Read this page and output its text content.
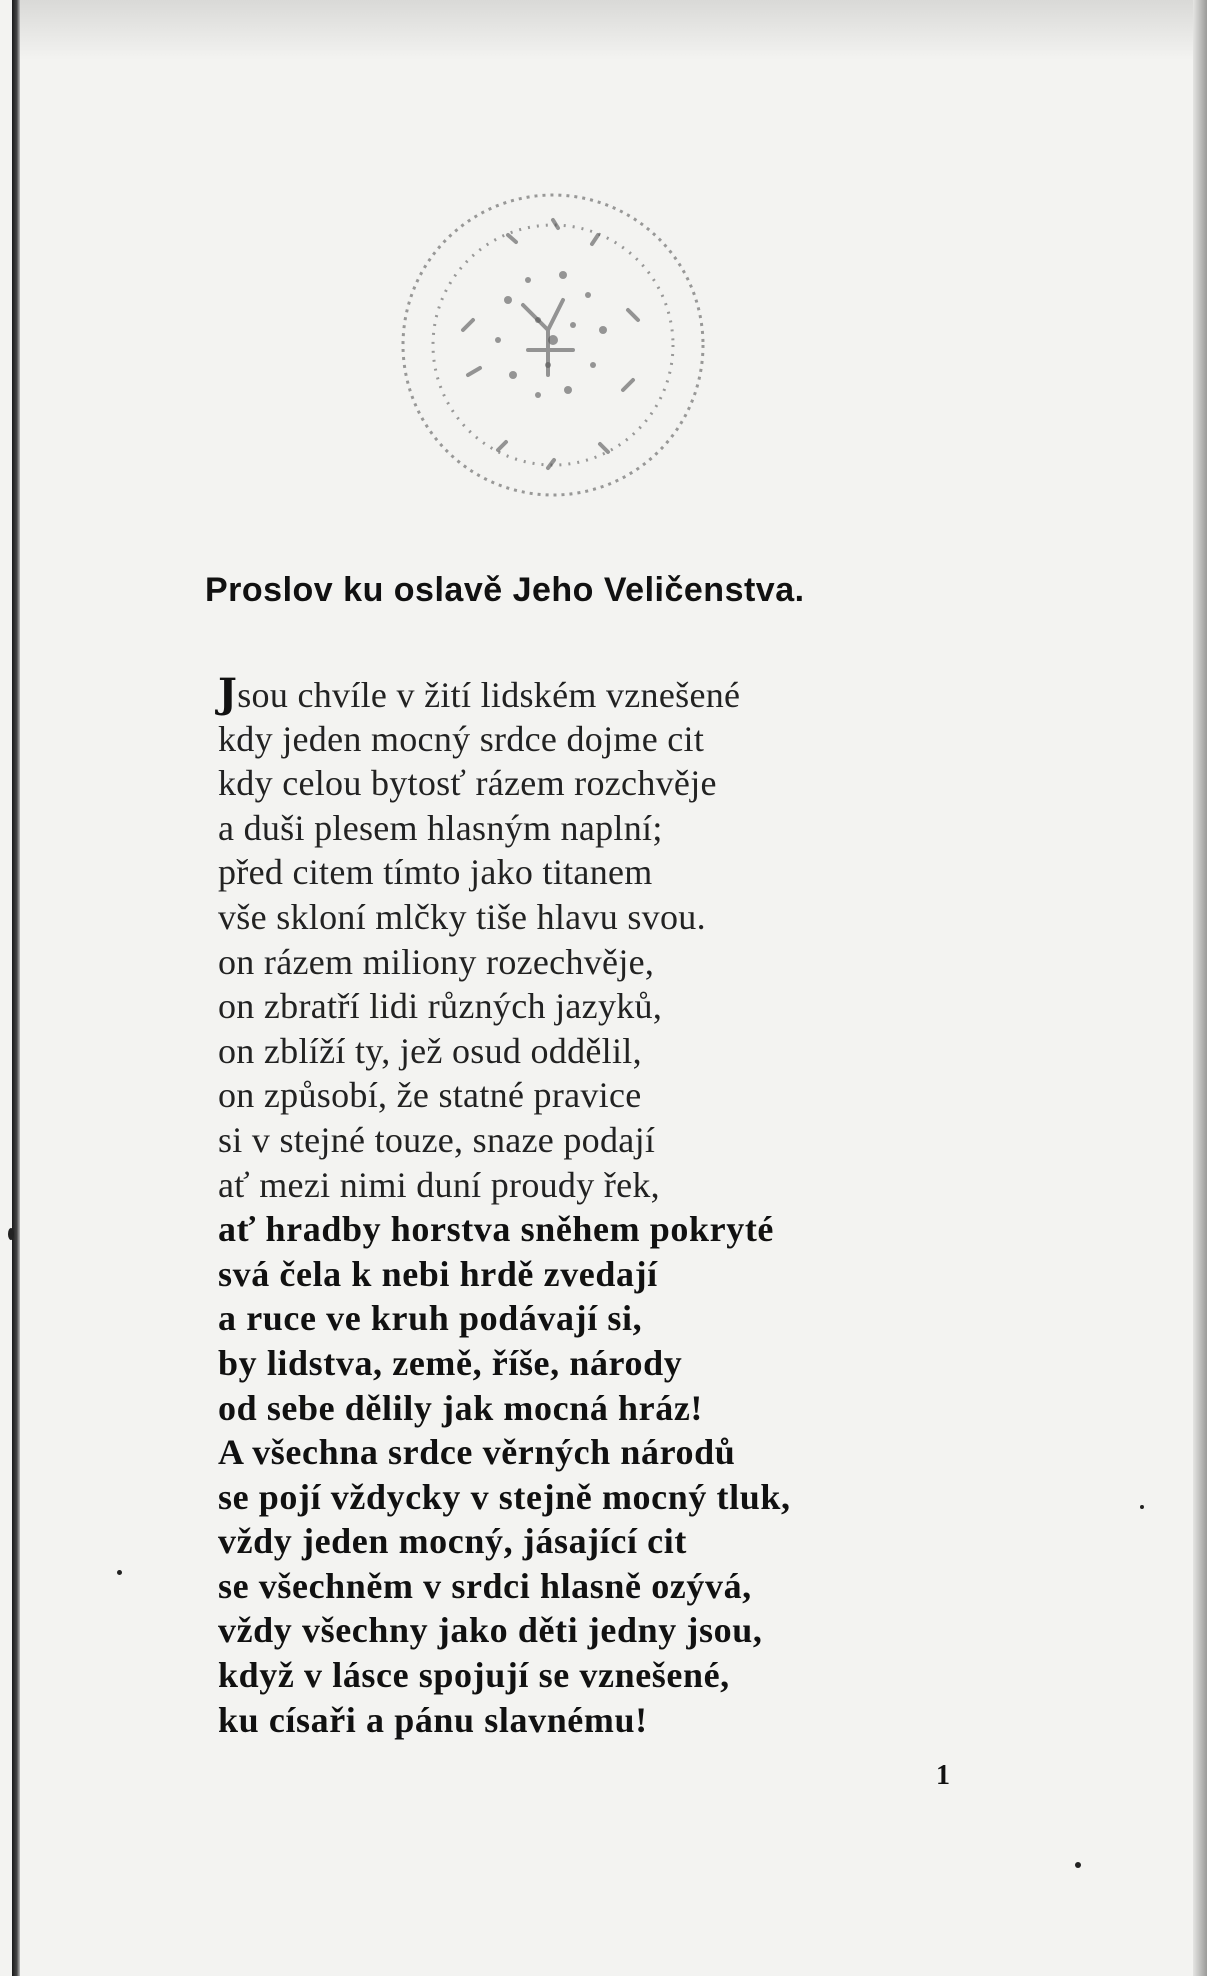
Proslov ku oslavě Jeho Veličenstva.
Jsou chvíle v žití lidském vznešené
kdy jeden mocný srdce dojme cit
kdy celou bytosť rázem rozchvěje
a duši plesem hlasným naplní;
před citem tímto jako titanem
vše skloní mlčky tiše hlavu svou.
on rázem miliony rozechvěje,
on zbratří lidi různých jazyků,
on zblíží ty, jež osud oddělil,
on způsobí, že statné pravice
si v stejné touze, snaze podají
ať mezi nimi duní proudy řek,
ať hradby horstva sněhem pokryté
svá čela k nebi hrdě zvedají
a ruce ve kruh podávají si,
by lidstva, země, říše, národy
od sebe dělily jak mocná hráz!
A všechna srdce věrných národů
se pojí vždycky v stejně mocný tluk,
vždy jeden mocný, jásající cit
se všechněm v srdci hlasně ozývá,
vždy všechny jako děti jedny jsou,
když v lásce spojují se vznešené,
ku císaři a pánu slavnému!
1
